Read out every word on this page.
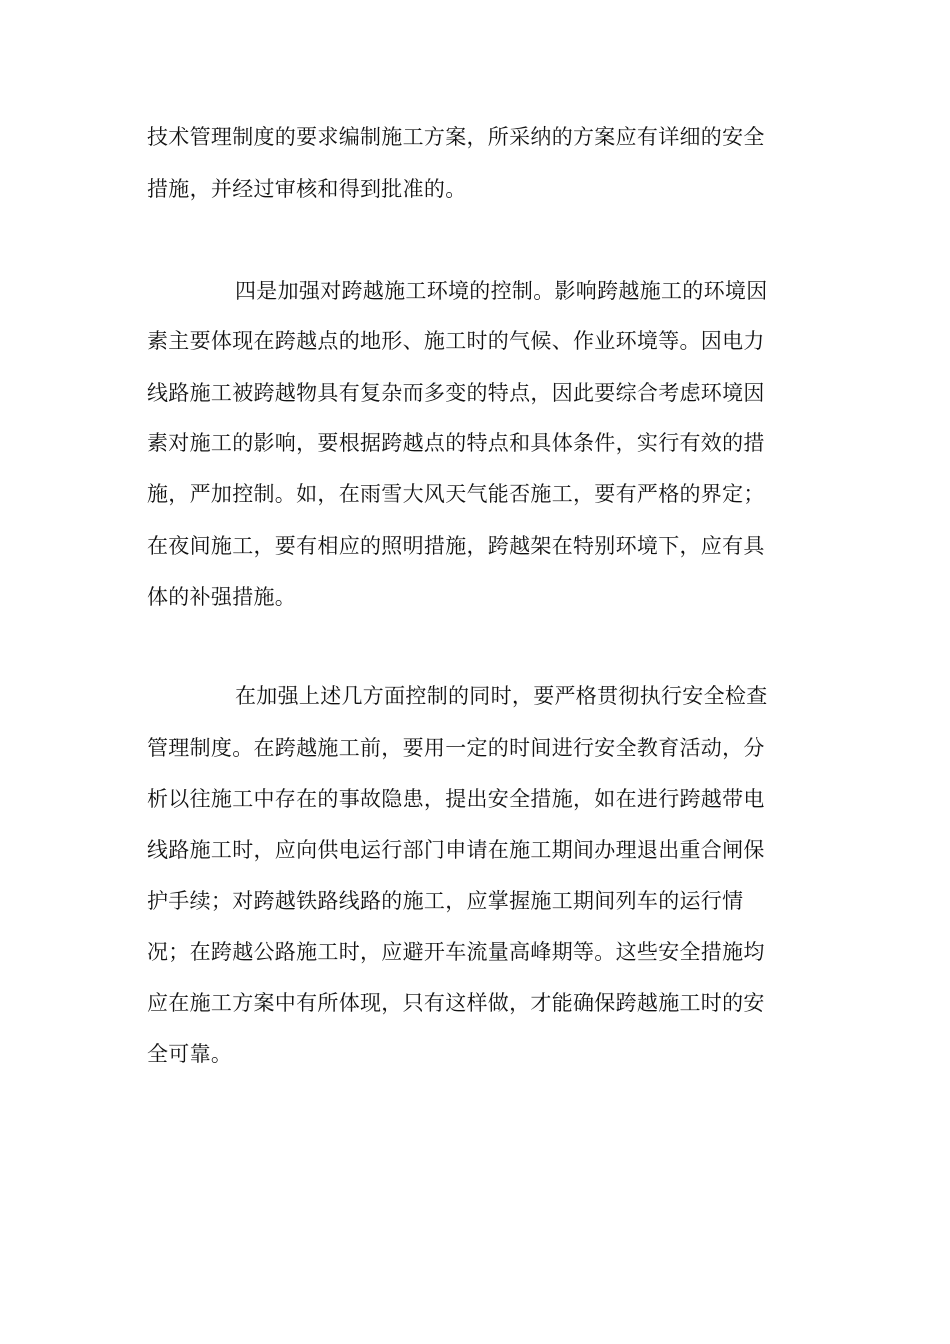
技术管理制度的要求编制施工方案，所采纳的方案应有详细的安全
措施，并经过审核和得到批准的。
四是加强对跨越施工环境的控制。影响跨越施工的环境因
素主要体现在跨越点的地形、施工时的气候、作业环境等。因电力
线路施工被跨越物具有复杂而多变的特点，因此要综合考虑环境因
素对施工的影响，要根据跨越点的特点和具体条件，实行有效的措
施，严加控制。如，在雨雪大风天气能否施工，要有严格的界定；
在夜间施工，要有相应的照明措施，跨越架在特别环境下，应有具
体的补强措施。
在加强上述几方面控制的同时，要严格贯彻执行安全检查
管理制度。在跨越施工前，要用一定的时间进行安全教育活动，分
析以往施工中存在的事故隐患，提出安全措施，如在进行跨越带电
线路施工时，应向供电运行部门申请在施工期间办理退出重合闸保
护手续；对跨越铁路线路的施工，应掌握施工期间列车的运行情
况；在跨越公路施工时，应避开车流量高峰期等。这些安全措施均
应在施工方案中有所体现，只有这样做，才能确保跨越施工时的安
全可靠。
